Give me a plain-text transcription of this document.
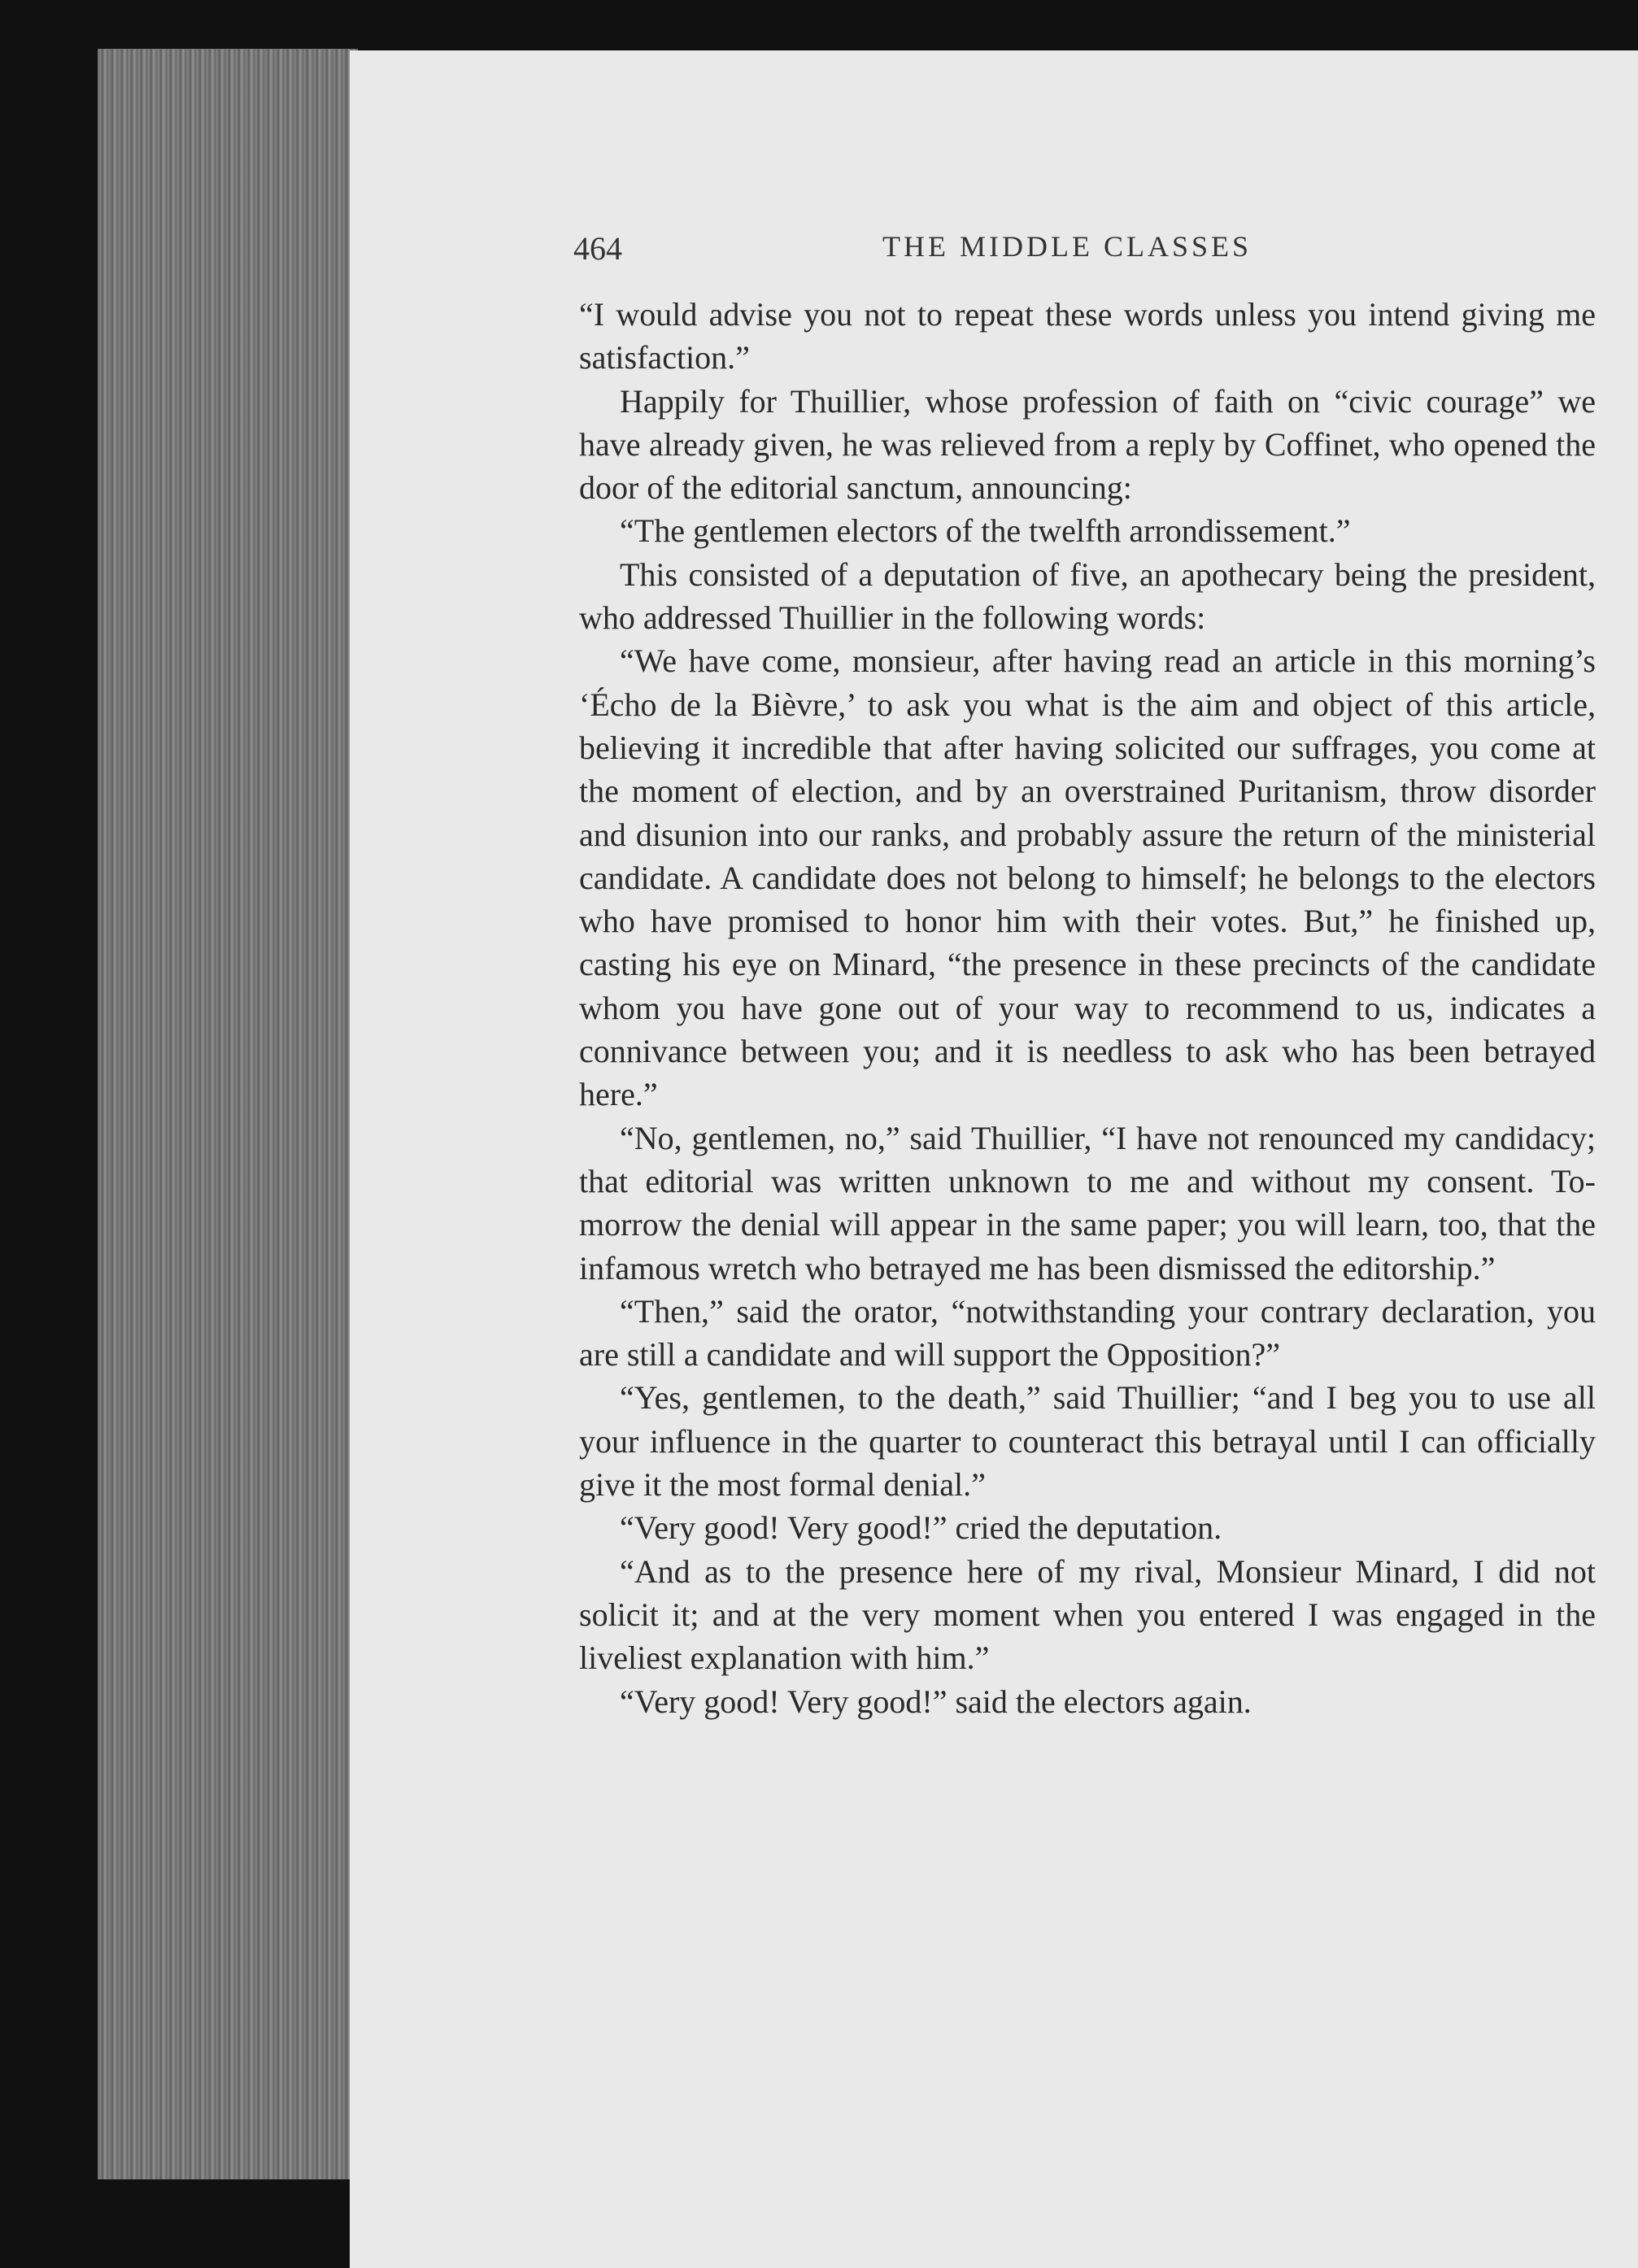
464	THE MIDDLE CLASSES

“I would advise you not to repeat these words unless you intend giving me satisfaction.”

Happily for Thuillier, whose profession of faith on “civic courage” we have already given, he was relieved from a reply by Coffinet, who opened the door of the editorial sanctum, announcing:

“The gentlemen electors of the twelfth arrondissement.”

This consisted of a deputation of five, an apothecary being the president, who addressed Thuillier in the following words:

“We have come, monsieur, after having read an article in this morning’s ‘Écho de la Bièvre,’ to ask you what is the aim and object of this article, believing it incredible that after having solicited our suffrages, you come at the moment of election, and by an overstrained Puritanism, throw disorder and disunion into our ranks, and probably assure the return of the ministerial candidate. A candidate does not belong to himself; he belongs to the electors who have promised to honor him with their votes. But,” he finished up, casting his eye on Minard, “the presence in these precincts of the candidate whom you have gone out of your way to recommend to us, indicates a connivance between you; and it is needless to ask who has been betrayed here.”

“No, gentlemen, no,” said Thuillier, “I have not renounced my candidacy; that editorial was written unknown to me and without my consent. To-morrow the denial will appear in the same paper; you will learn, too, that the infamous wretch who betrayed me has been dismissed the editorship.”

“Then,” said the orator, “notwithstanding your contrary declaration, you are still a candidate and will support the Opposition?”

“Yes, gentlemen, to the death,” said Thuillier; “and I beg you to use all your influence in the quarter to counteract this betrayal until I can officially give it the most formal denial.”

“Very good! Very good!” cried the deputation.

“And as to the presence here of my rival, Monsieur Minard, I did not solicit it; and at the very moment when you entered I was engaged in the liveliest explanation with him.”

“Very good! Very good!” said the electors again.
